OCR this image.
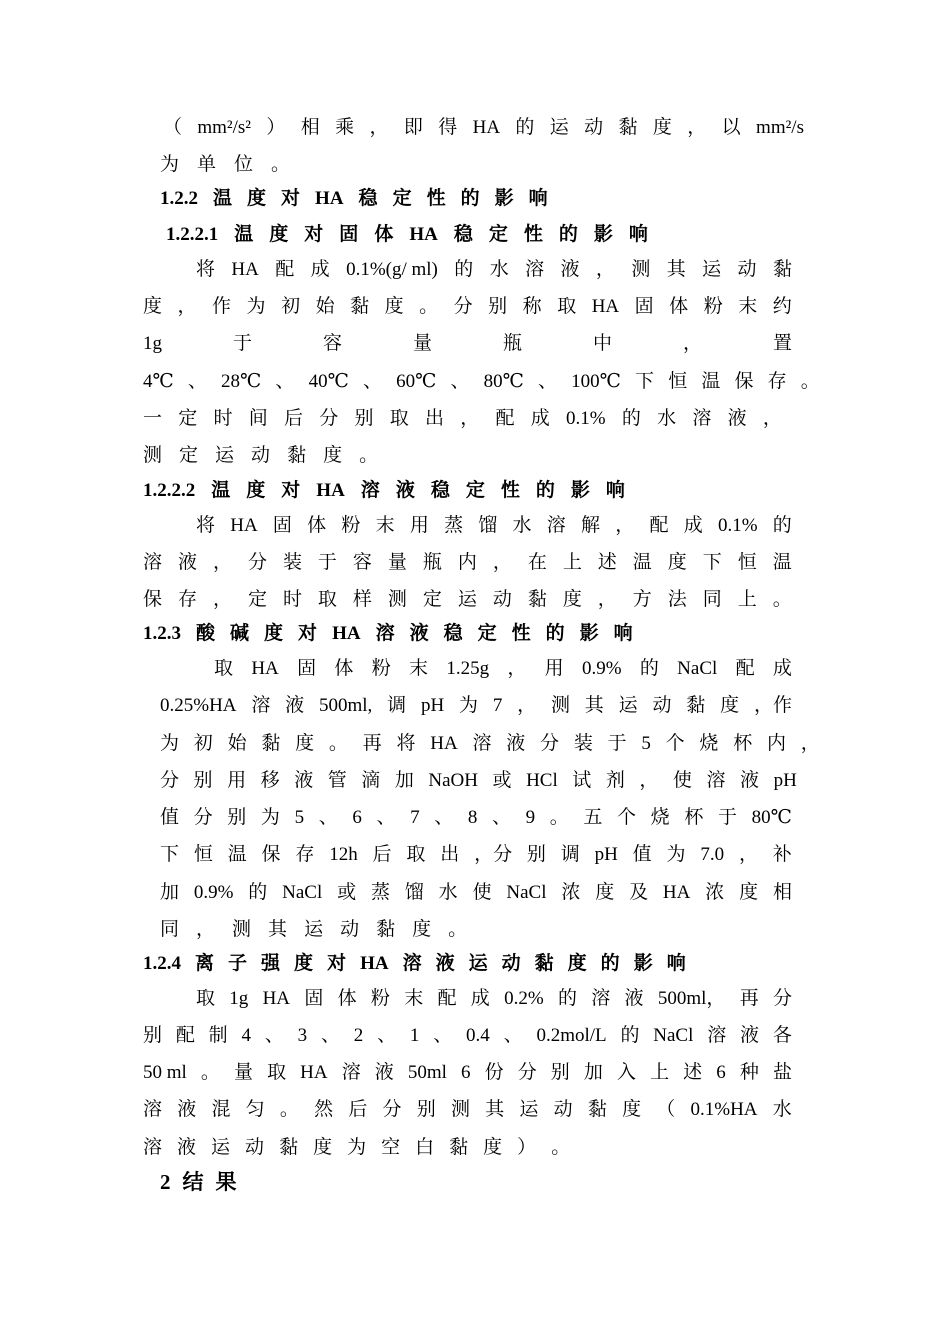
（ mm²/s² ） 相 乘 ， 即 得 HA 的 运 动 黏 度 ， 以 mm²/s
为 单 位 。
1.2.2 温 度 对 HA 稳 定 性 的 影 响
1.2.2.1 温 度 对 固 体 HA 稳 定 性 的 影 响
将 HA 配 成 0.1%(g/ ml) 的 水 溶 液 ， 测 其 运 动 黏
度 ， 作 为 初 始 黏 度 。 分 别 称 取 HA 固 体 粉 末 约
1g	于	容	量	瓶	中	，	置
4℃ 、 28℃ 、 40℃ 、 60℃ 、 80℃ 、 100℃ 下 恒 温 保 存 。
一 定 时 间 后 分 别 取 出 ， 配 成 0.1% 的 水 溶 液 ，
测 定 运 动 黏 度 。
1.2.2.2 温 度 对 HA 溶 液 稳 定 性 的 影 响
将 HA 固 体 粉 末 用 蒸 馏 水 溶 解 ， 配 成 0.1% 的
溶 液 ， 分 装 于 容 量 瓶 内 ， 在 上 述 温 度 下 恒 温
保 存 ， 定 时 取 样 测 定 运 动 黏 度 ， 方 法 同 上 。
1.2.3 酸 碱 度 对 HA 溶 液 稳 定 性 的 影 响
取 HA 固 体 粉 末 1.25g ， 用 0.9% 的 NaCl 配 成
0.25%HA 溶 液 500ml, 调 pH 为 7 ， 测 其 运 动 黏 度 ，作
为 初 始 黏 度 。 再 将 HA 溶 液 分 装 于 5 个 烧 杯 内 ，
分 别 用 移 液 管 滴 加 NaOH 或 HCl 试 剂 ， 使 溶 液 pH
值 分 别 为 5 、 6 、 7 、 8 、 9 。 五 个 烧 杯 于 80℃
下 恒 温 保 存 12h 后 取 出 ，分 别 调 pH 值 为 7.0 ， 补
加 0.9% 的 NaCl 或 蒸 馏 水 使 NaCl 浓 度 及 HA 浓 度 相
同 ， 测 其 运 动 黏 度 。
1.2.4 离 子 强 度 对 HA 溶 液 运 动 黏 度 的 影 响
取 1g HA 固 体 粉 末 配 成 0.2% 的 溶 液 500ml， 再 分
别 配 制 4 、 3 、 2 、 1 、 0.4 、 0.2mol/L 的 NaCl 溶 液 各
50 ml 。 量 取 HA 溶 液 50ml 6 份 分 别 加 入 上 述 6 种 盐
溶 液 混 匀 。 然 后 分 别 测 其 运 动 黏 度 （ 0.1%HA 水
溶 液 运 动 黏 度 为 空 白 黏 度 ） 。
2 结 果
